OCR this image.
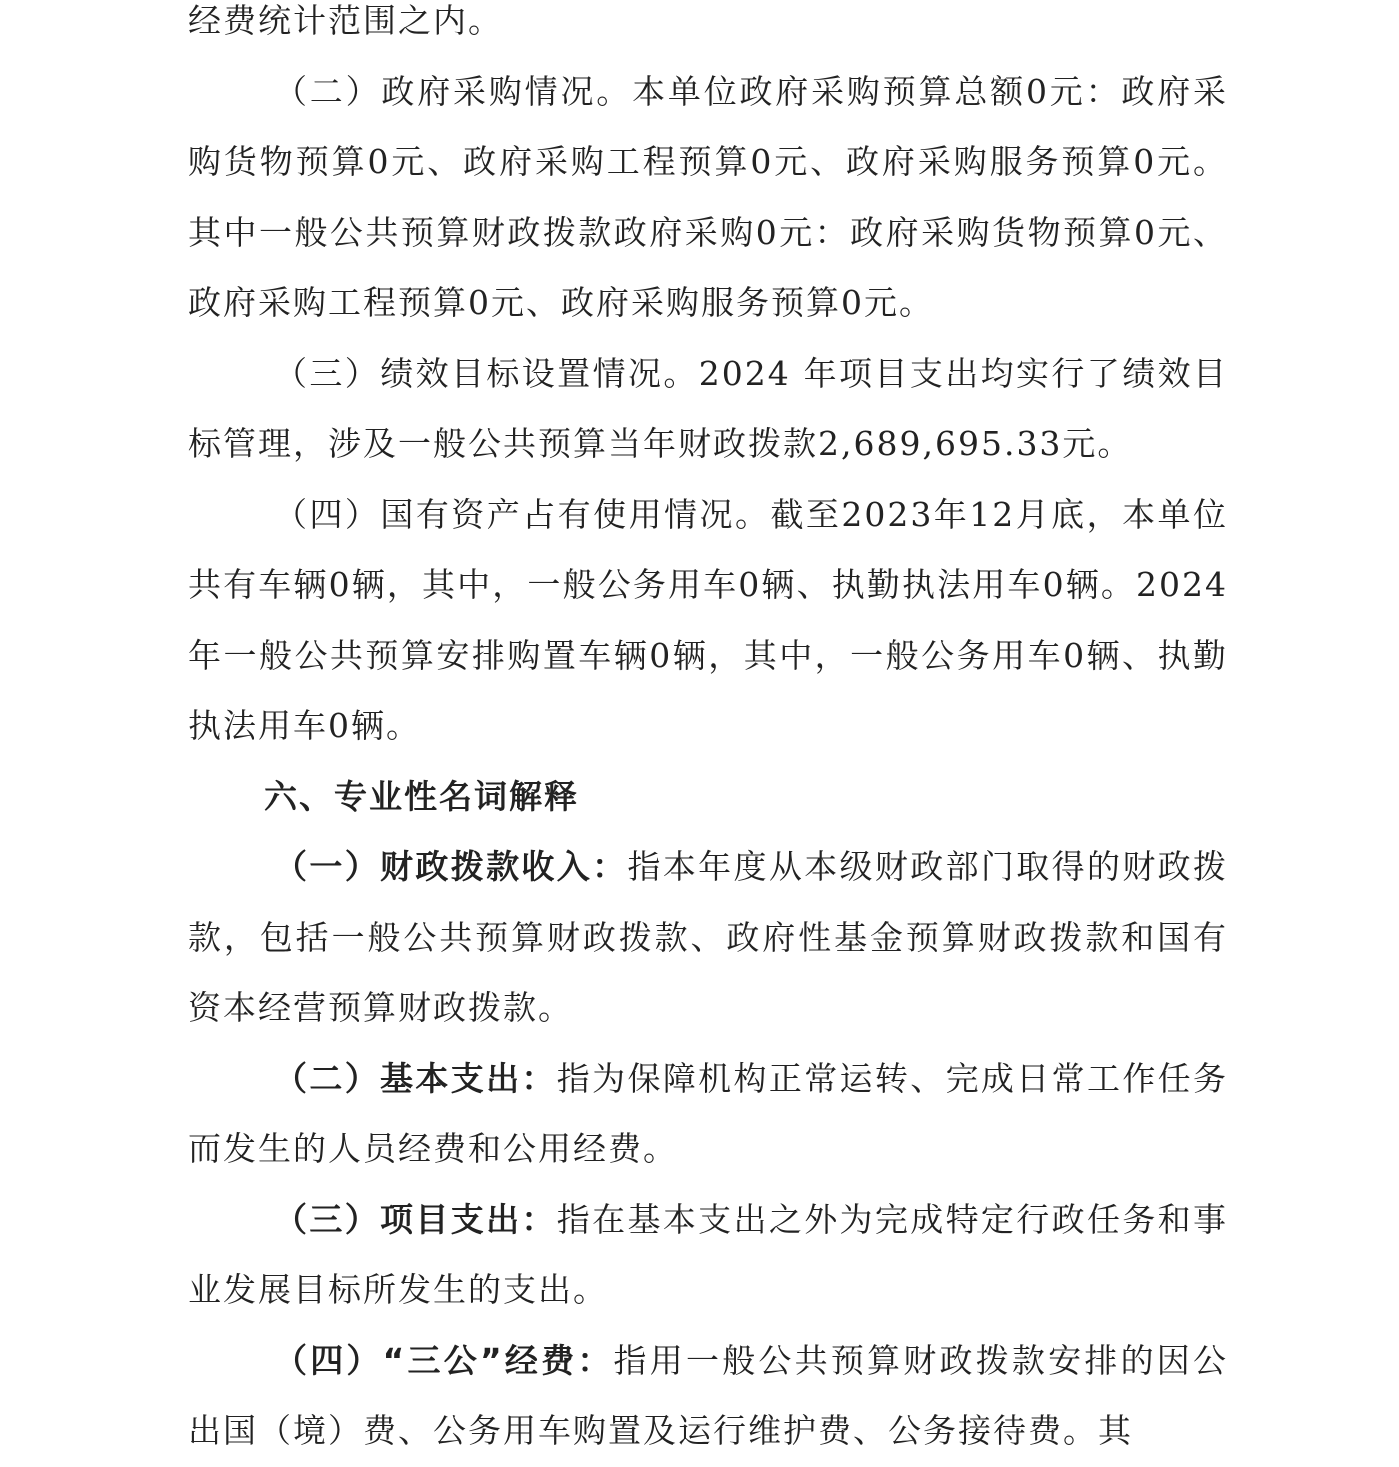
经费统计范围之内。

（二）政府采购情况。本单位政府采购预算总额0元：政府采购货物预算0元、政府采购工程预算0元、政府采购服务预算0元。其中一般公共预算财政拨款政府采购0元：政府采购货物预算0元、政府采购工程预算0元、政府采购服务预算0元。

（三）绩效目标设置情况。2024 年项目支出均实行了绩效目标管理，涉及一般公共预算当年财政拨款2,689,695.33元。

（四）国有资产占有使用情况。截至2023年12月底，本单位共有车辆0辆，其中，一般公务用车0辆、执勤执法用车0辆。2024年一般公共预算安排购置车辆0辆，其中，一般公务用车0辆、执勤执法用车0辆。

六、专业性名词解释

（一）财政拨款收入：指本年度从本级财政部门取得的财政拨款，包括一般公共预算财政拨款、政府性基金预算财政拨款和国有资本经营预算财政拨款。

（二）基本支出：指为保障机构正常运转、完成日常工作任务而发生的人员经费和公用经费。

（三）项目支出：指在基本支出之外为完成特定行政任务和事业发展目标所发生的支出。

（四）“三公”经费：指用一般公共预算财政拨款安排的因公出国（境）费、公务用车购置及运行维护费、公务接待费。其
